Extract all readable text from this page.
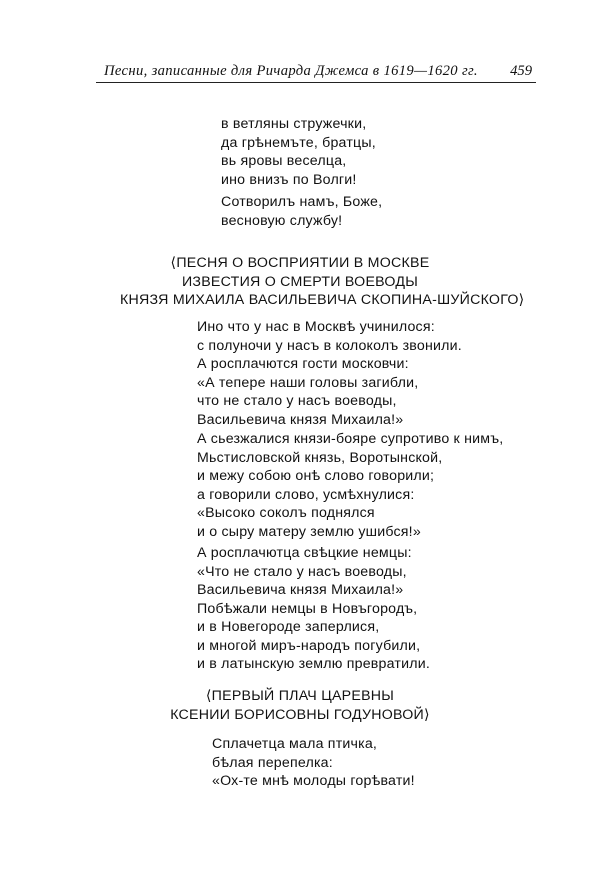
Песни, записанные для Ричарда Джемса в 1619—1620 гг. 459
в ветляны стружечки,
да грѣнемъте, братцы,
вь яровы веселца,
ино внизъ по Волги!
Сотворилъ намъ, Боже,
весновую службу!
⟨ПЕСНЯ О ВОСПРИЯТИИ В МОСКВЕ
ИЗВЕСТИЯ О СМЕРТИ ВОЕВОДЫ
КНЯЗЯ МИХАИЛА ВАСИЛЬЕВИЧА СКОПИНА-ШУЙСКОГО⟩
Ино что у нас в Москвѣ учинилося:
с полуночи у насъ в колоколъ звонили.
А росплачются гости московчи:
«А тепере наши головы загибли,
что не стало у насъ воеводы,
Васильевича князя Михаила!»
А сьезжалися князи-бояре супротиво к нимъ,
Мьстисловской князь, Воротынской,
и межу собою онѣ слово говорили;
а говорили слово, усмѣхнулися:
«Высоко соколъ поднялся
и о сыру матеру землю ушибся!»
А росплачютца свѣцкие немцы:
«Что не стало у насъ воеводы,
Васильевича князя Михаила!»
Побѣжали немцы в Новъгородъ,
и в Новегороде заперлися,
и многой миръ-народъ погубили,
и в латынскую землю превратили.
⟨ПЕРВЫЙ ПЛАЧ ЦАРЕВНЫ
КСЕНИИ БОРИСОВНЫ ГОДУНОВОЙ⟩
Сплачетца мала птичка,
бѣлая перепелка:
«Ох-те мнѣ молоды горѣвати!
